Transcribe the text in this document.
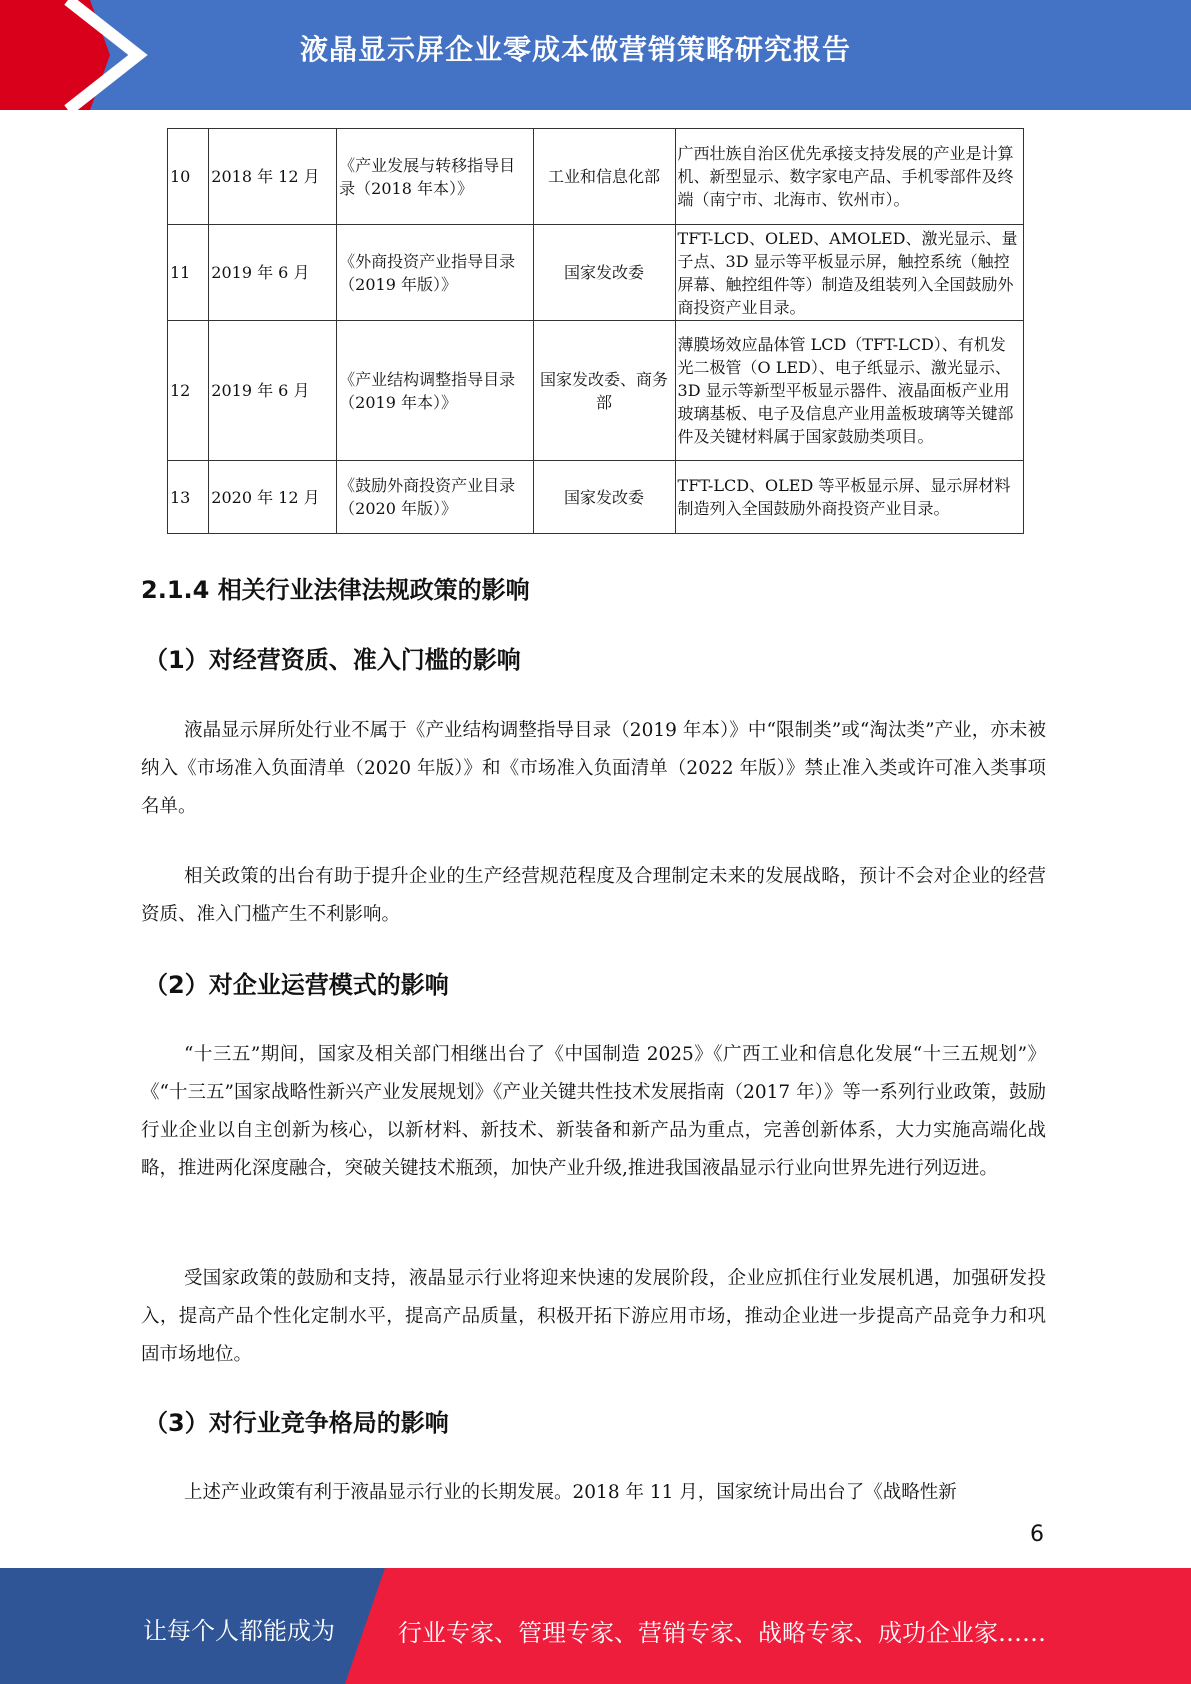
液晶显示屏企业零成本做营销策略研究报告
10	2018 年 12 月	《产业发展与转移指导目录（2018 年本）》	工业和信息化部	广西壮族自治区优先承接支持发展的产业是计算机、新型显示、数字家电产品、手机零部件及终端（南宁市、北海市、钦州市）。
11	2019 年 6 月	《外商投资产业指导目录（2019 年版）》	国家发改委	TFT-LCD、OLED、AMOLED、激光显示、量子点、3D 显示等平板显示屏，触控系统（触控屏幕、触控组件等）制造及组装列入全国鼓励外商投资产业目录。
12	2019 年 6 月	《产业结构调整指导目录（2019 年本）》	国家发改委、商务部	薄膜场效应晶体管 LCD（TFT-LCD）、有机发光二极管（O LED）、电子纸显示、激光显示、3D 显示等新型平板显示器件、液晶面板产业用玻璃基板、电子及信息产业用盖板玻璃等关键部件及关键材料属于国家鼓励类项目。
13	2020 年 12 月	《鼓励外商投资产业目录（2020 年版）》	国家发改委	TFT-LCD、OLED 等平板显示屏、显示屏材料制造列入全国鼓励外商投资产业目录。
2.1.4 相关行业法律法规政策的影响
（1）对经营资质、准入门槛的影响
液晶显示屏所处行业不属于《产业结构调整指导目录（2019 年本）》中“限制类”或“淘汰类”产业，亦未被纳入《市场准入负面清单（2020 年版）》和《市场准入负面清单（2022 年版）》禁止准入类或许可准入类事项名单。
相关政策的出台有助于提升企业的生产经营规范程度及合理制定未来的发展战略，预计不会对企业的经营资质、准入门槛产生不利影响。
（2）对企业运营模式的影响
“十三五”期间，国家及相关部门相继出台了《中国制造 2025》《广西工业和信息化发展“十三五规划”》《“十三五”国家战略性新兴产业发展规划》《产业关键共性技术发展指南（2017 年）》等一系列行业政策，鼓励行业企业以自主创新为核心，以新材料、新技术、新装备和新产品为重点，完善创新体系，大力实施高端化战略，推进两化深度融合，突破关键技术瓶颈，加快产业升级,推进我国液晶显示行业向世界先进行列迈进。
受国家政策的鼓励和支持，液晶显示行业将迎来快速的发展阶段，企业应抓住行业发展机遇，加强研发投入，提高产品个性化定制水平，提高产品质量，积极开拓下游应用市场，推动企业进一步提高产品竞争力和巩固市场地位。
（3）对行业竞争格局的影响
上述产业政策有利于液晶显示行业的长期发展。2018 年 11 月，国家统计局出台了《战略性新
6
让每个人都能成为	行业专家、管理专家、营销专家、战略专家、成功企业家……
